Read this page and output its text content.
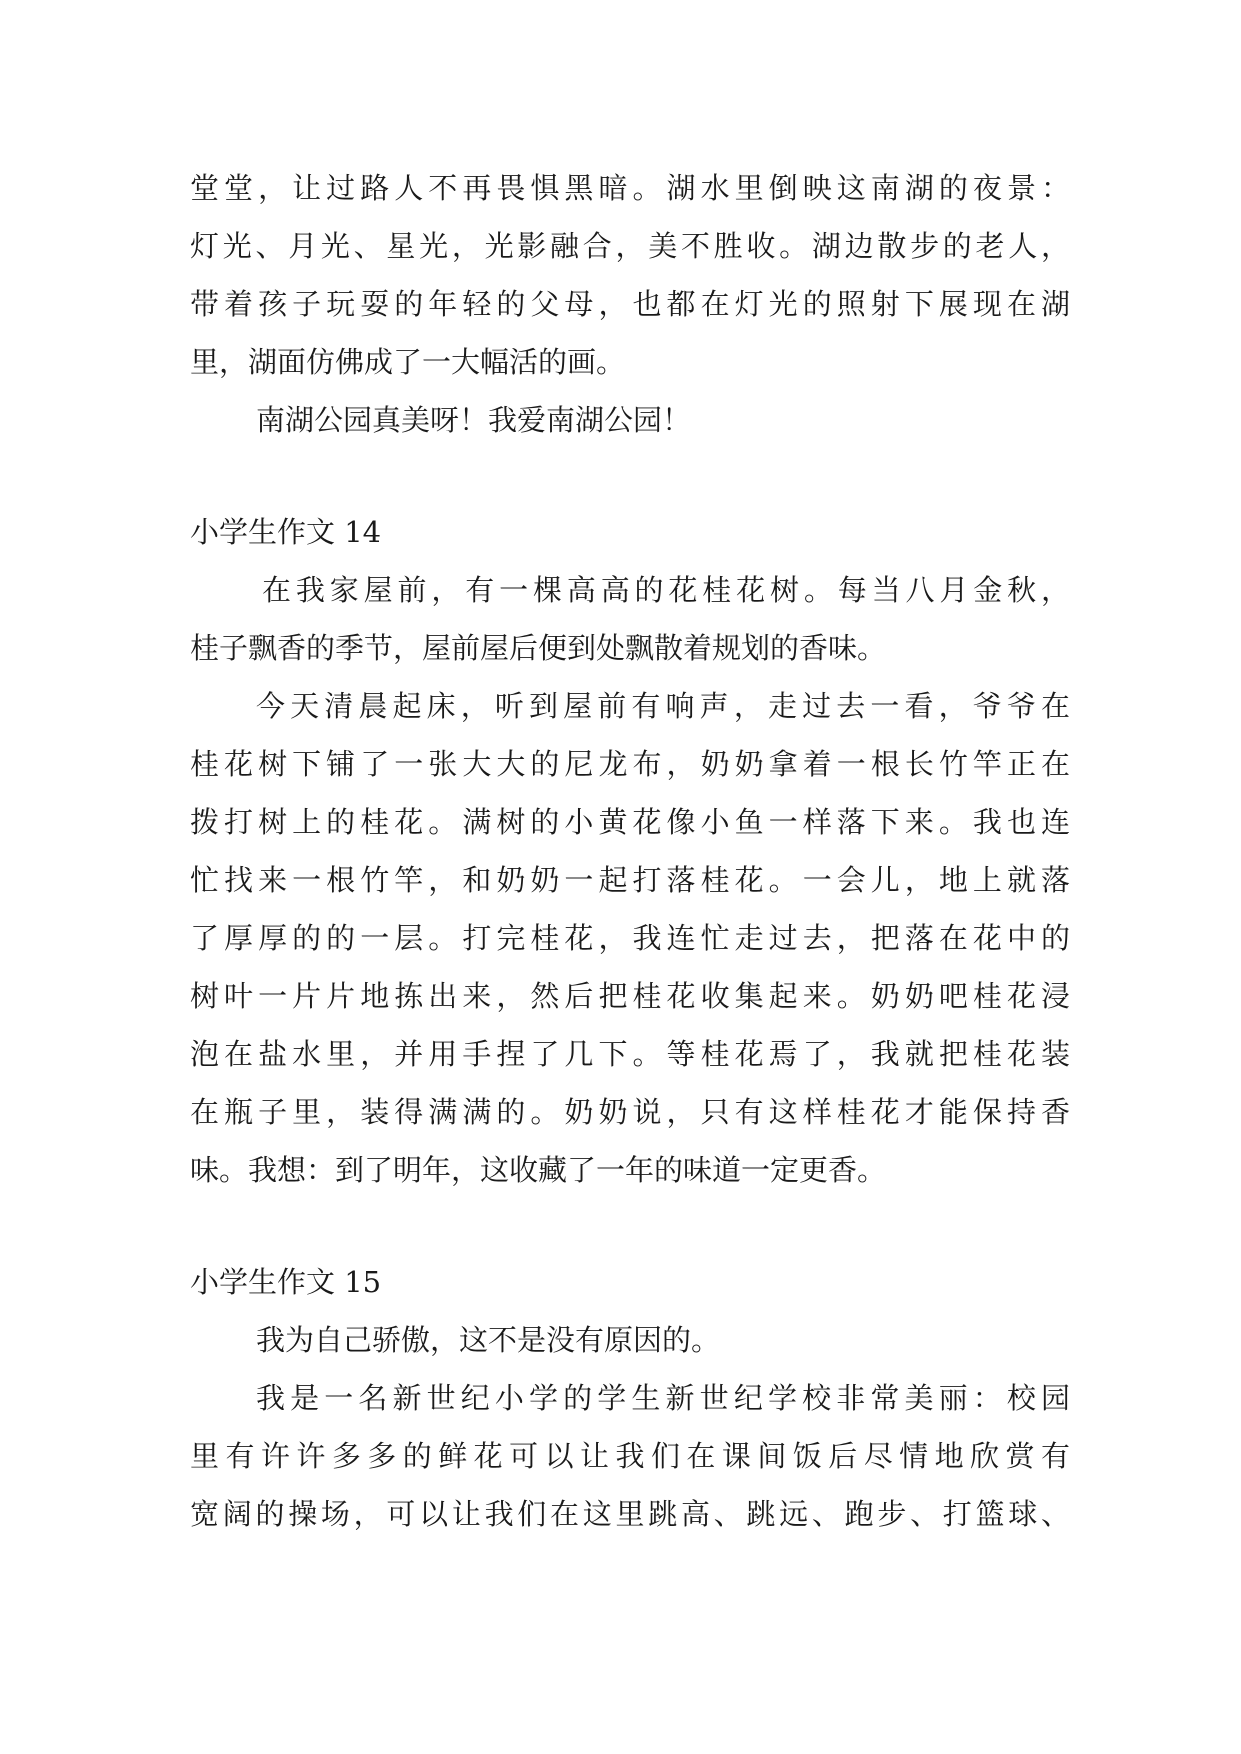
堂堂，让过路人不再畏惧黑暗。湖水里倒映这南湖的夜景：
灯光、月光、星光，光影融合，美不胜收。湖边散步的老人，
带着孩子玩耍的年轻的父母，也都在灯光的照射下展现在湖
里，湖面仿佛成了一大幅活的画。
南湖公园真美呀！我爱南湖公园！
小学生作文 14
在我家屋前，有一棵高高的花桂花树。每当八月金秋，
桂子飘香的季节，屋前屋后便到处飘散着规划的香味。
今天清晨起床，听到屋前有响声，走过去一看，爷爷在
桂花树下铺了一张大大的尼龙布，奶奶拿着一根长竹竿正在
拨打树上的桂花。满树的小黄花像小鱼一样落下来。我也连
忙找来一根竹竿，和奶奶一起打落桂花。一会儿，地上就落
了厚厚的的一层。打完桂花，我连忙走过去，把落在花中的
树叶一片片地拣出来，然后把桂花收集起来。奶奶吧桂花浸
泡在盐水里，并用手捏了几下。等桂花焉了，我就把桂花装
在瓶子里，装得满满的。奶奶说，只有这样桂花才能保持香
味。我想：到了明年，这收藏了一年的味道一定更香。
小学生作文 15
我为自己骄傲，这不是没有原因的。
我是一名新世纪小学的学生新世纪学校非常美丽：校园
里有许许多多的鲜花可以让我们在课间饭后尽情地欣赏有
宽阔的操场，可以让我们在这里跳高、跳远、跑步、打篮球、
